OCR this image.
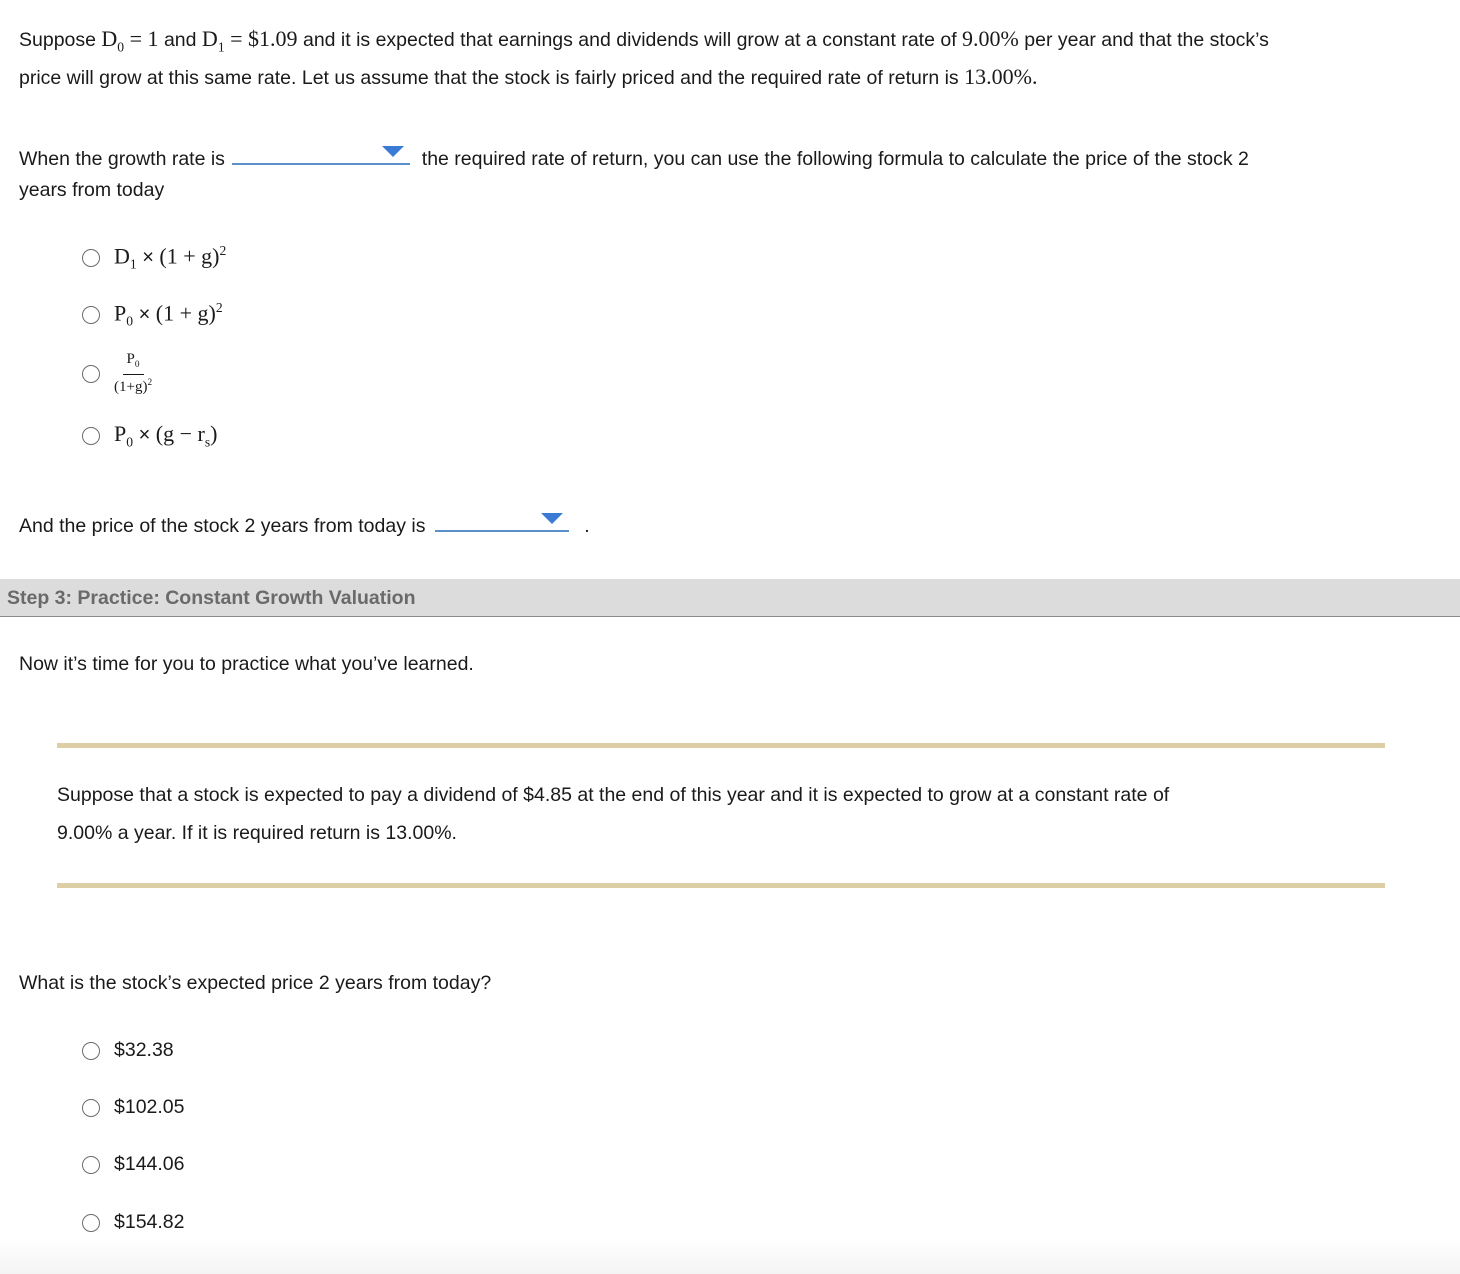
Suppose $D_0 = 1$ and $D_1$ = $1.09 and it is expected that earnings and dividends will grow at a constant rate of 9.00% per year and that the stock’s
price will grow at this same rate. Let us assume that the stock is fairly priced and the required rate of return is 13.00%.
When the growth rate is	the required rate of return, you can use the following formula to calculate the price of the stock 2
years from today
$D_1 \times (1 + g)^2$
$P_0 \times (1 + g)^2$
$\frac{P_0}{(1+g)^2}$
$P_0 \times (g - r_s)$
And the price of the stock 2 years from today is	.
Step 3: Practice: Constant Growth Valuation
Now it’s time for you to practice what you’ve learned.
Suppose that a stock is expected to pay a dividend of $4.85 at the end of this year and it is expected to grow at a constant rate of
9.00% a year. If it is required return is 13.00%.
What is the stock’s expected price 2 years from today?
$32.38
$102.05
$144.06
$154.82
